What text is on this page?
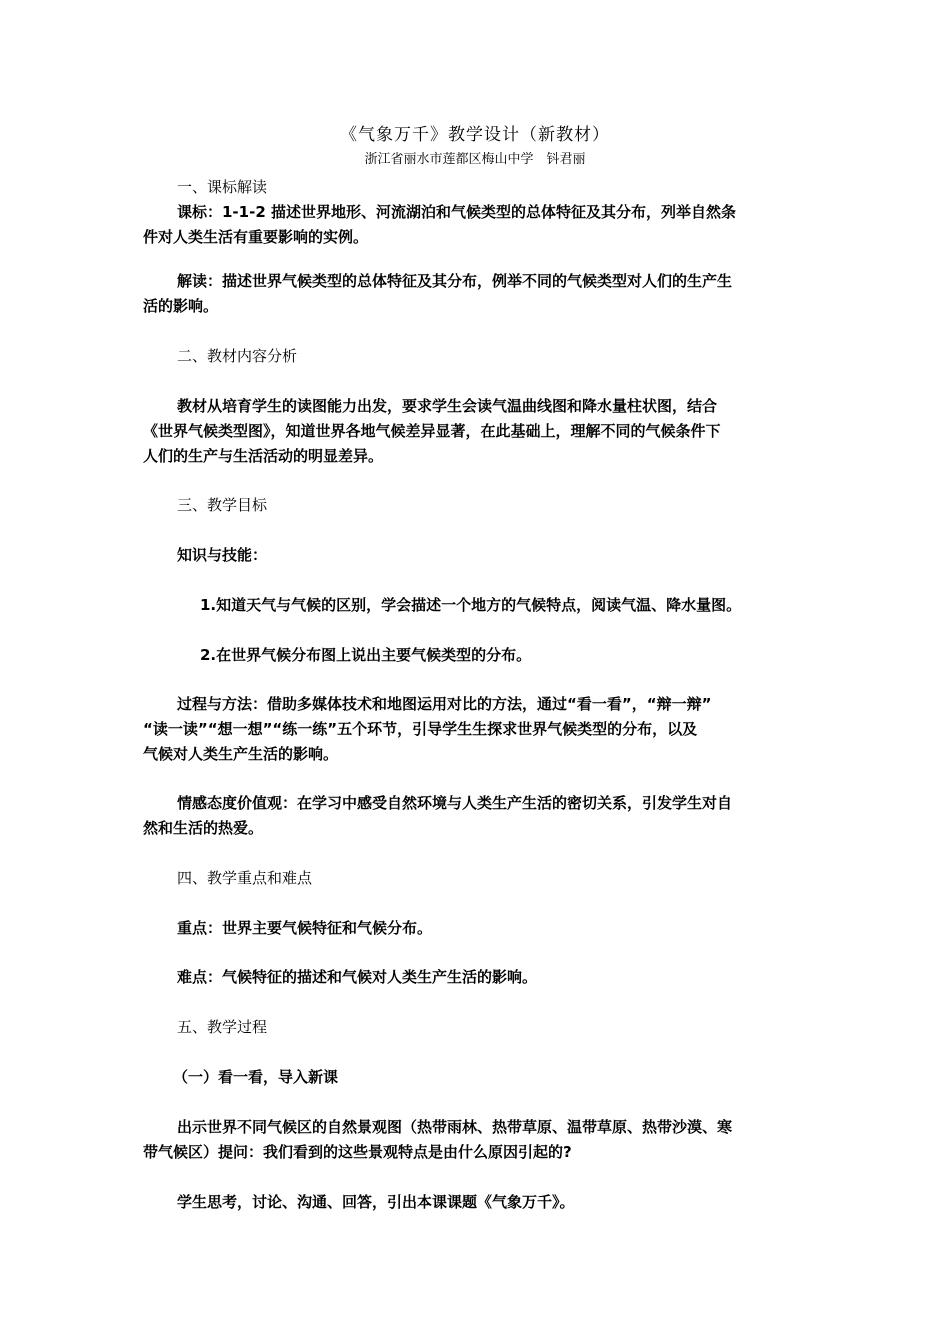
《气象万千》教学设计（新教材）
浙江省丽水市莲都区梅山中学　钭君丽
一、课标解读
课标：1-1-2 描述世界地形、河流湖泊和气候类型的总体特征及其分布，列举自然条
件对人类生活有重要影响的实例。
解读：描述世界气候类型的总体特征及其分布，例举不同的气候类型对人们的生产生
活的影响。
二、教材内容分析
教材从培育学生的读图能力出发，要求学生会读气温曲线图和降水量柱状图，结合
《世界气候类型图》，知道世界各地气候差异显著，在此基础上，理解不同的气候条件下
人们的生产与生活活动的明显差异。
三、教学目标
知识与技能：
1.知道天气与气候的区别，学会描述一个地方的气候特点，阅读气温、降水量图。
2.在世界气候分布图上说出主要气候类型的分布。
过程与方法：借助多媒体技术和地图运用对比的方法，通过“看一看”，“辩一辩”
“读一读”“想一想”“练一练”五个环节，引导学生生探求世界气候类型的分布，以及
气候对人类生产生活的影响。
情感态度价值观：在学习中感受自然环境与人类生产生活的密切关系，引发学生对自
然和生活的热爱。
四、教学重点和难点
重点：世界主要气候特征和气候分布。
难点：气候特征的描述和气候对人类生产生活的影响。
五、教学过程
（一）看一看，导入新课
出示世界不同气候区的自然景观图（热带雨林、热带草原、温带草原、热带沙漠、寒
带气候区）提问：我们看到的这些景观特点是由什么原因引起的?
学生思考，讨论、沟通、回答，引出本课课题《气象万千》。
